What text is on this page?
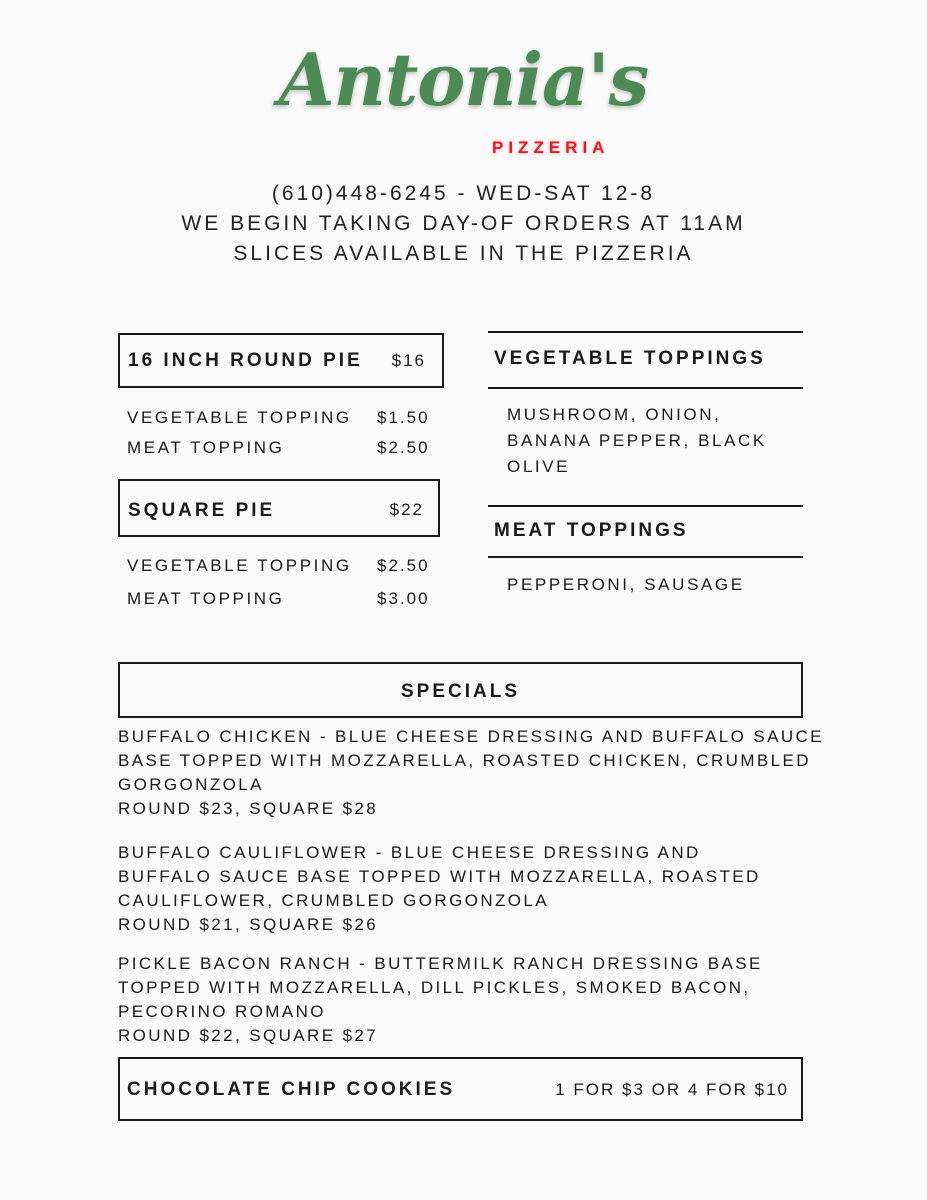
Antonia's
PIZZERIA
(610)448-6245 - WED-SAT 12-8
WE BEGIN TAKING DAY-OF ORDERS AT 11AM
SLICES AVAILABLE IN THE PIZZERIA
16 INCH ROUND PIE $16
VEGETABLE TOPPING $1.50
MEAT TOPPING	$2.50
SQUARE PIE	$22
VEGETABLE TOPPING $2.50
MEAT TOPPING	$3.00
VEGETABLE TOPPINGS
MUSHROOM, ONION,
BANANA PEPPER, BLACK
OLIVE
MEAT TOPPINGS
PEPPERONI, SAUSAGE
SPECIALS
BUFFALO CHICKEN - BLUE CHEESE DRESSING AND BUFFALO SAUCE
BASE TOPPED WITH MOZZARELLA, ROASTED CHICKEN, CRUMBLED
GORGONZOLA
ROUND $23, SQUARE $28
BUFFALO CAULIFLOWER - BLUE CHEESE DRESSING AND
BUFFALO SAUCE BASE TOPPED WITH MOZZARELLA, ROASTED
CAULIFLOWER, CRUMBLED GORGONZOLA
ROUND $21, SQUARE $26
PICKLE BACON RANCH - BUTTERMILK RANCH DRESSING BASE
TOPPED WITH MOZZARELLA, DILL PICKLES, SMOKED BACON,
PECORINO ROMANO
ROUND $22, SQUARE $27
CHOCOLATE CHIP COOKIES	1 FOR $3 OR 4 FOR $10
